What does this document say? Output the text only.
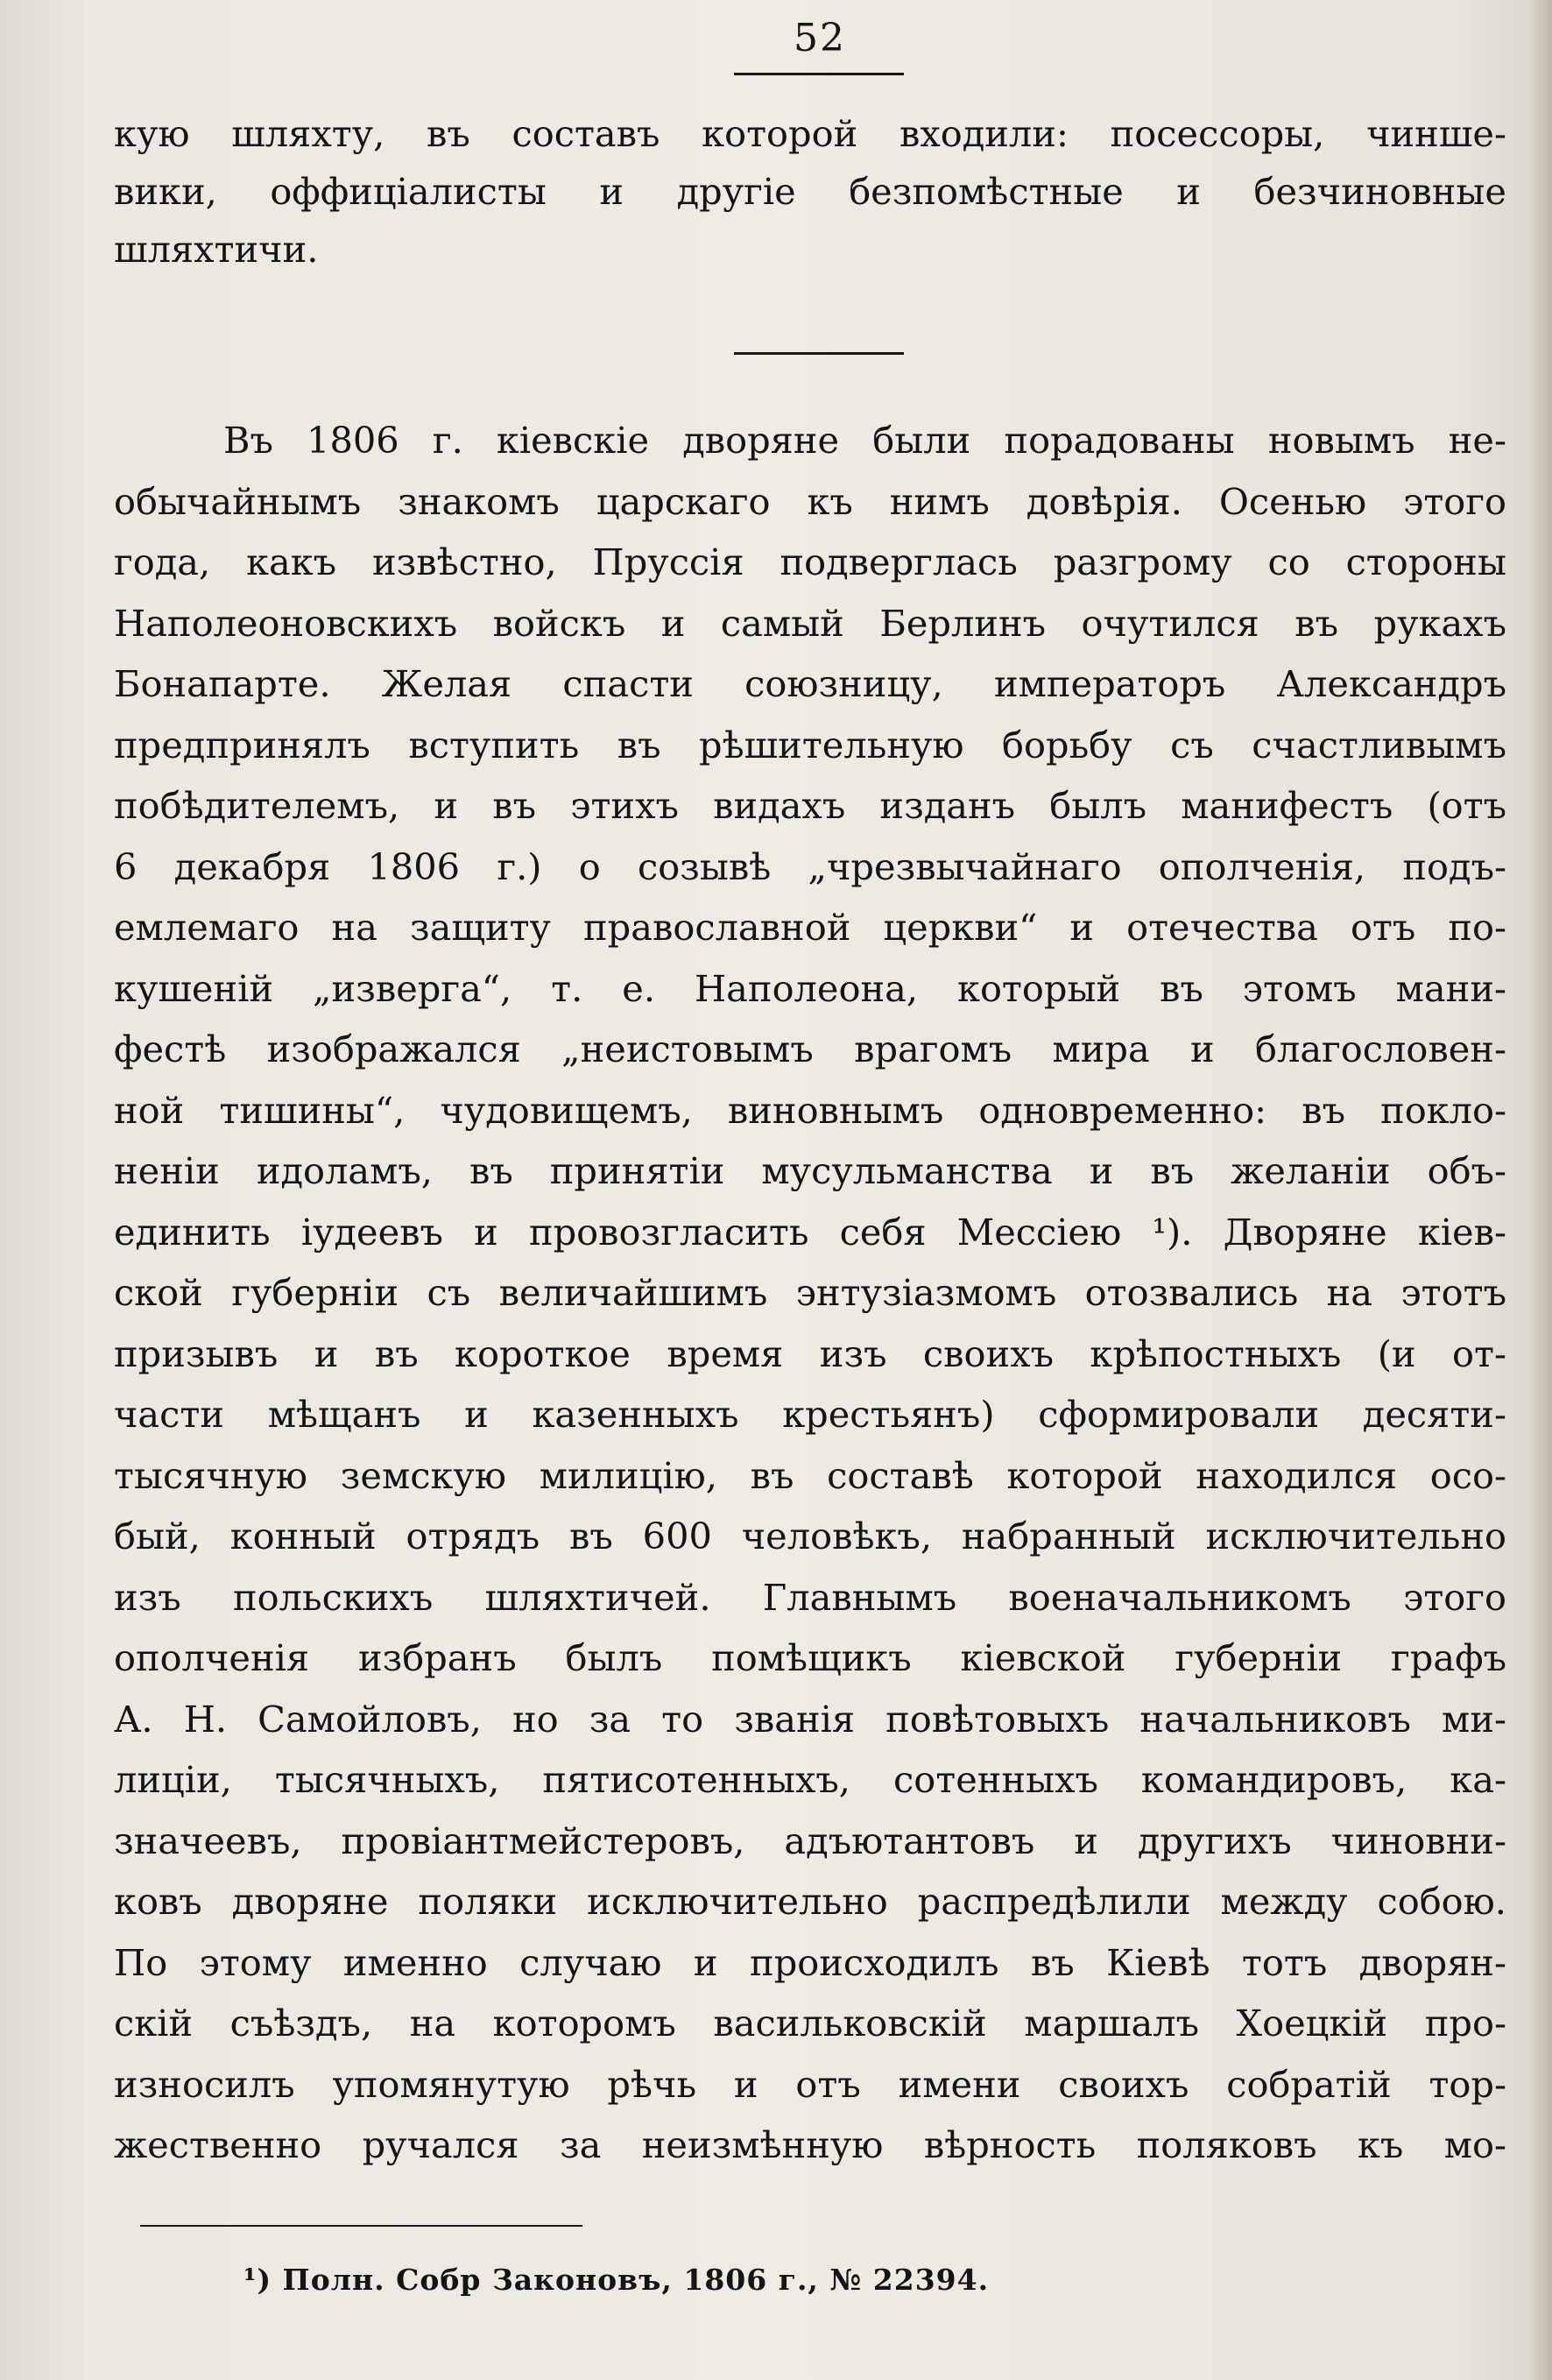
52
кую шляхту, въ составъ которой входили: посессоры, чинше-
вики, оффиціалисты и другіе безпомѣстные и безчиновные
шляхтичи.
Въ 1806 г. кіевскіе дворяне были порадованы новымъ не-
обычайнымъ знакомъ царскаго къ нимъ довѣрія. Осенью этого
года, какъ извѣстно, Пруссія подверглась разгрому со стороны
Наполеоновскихъ войскъ и самый Берлинъ очутился въ рукахъ
Бонапарте. Желая спасти союзницу, императоръ Александръ
предпринялъ вступить въ рѣшительную борьбу съ счастливымъ
побѣдителемъ, и въ этихъ видахъ изданъ былъ манифестъ (отъ
6 декабря 1806 г.) о созывѣ „чрезвычайнаго ополченія, подъ-
емлемаго на защиту православной церкви“ и отечества отъ по-
кушеній „изверга“, т. е. Наполеона, который въ этомъ мани-
фестѣ изображался „неистовымъ врагомъ мира и благословен-
ной тишины“, чудовищемъ, виновнымъ одновременно: въ покло-
неніи идоламъ, въ принятіи мусульманства и въ желаніи объ-
единить іудеевъ и провозгласить себя Мессіею ¹). Дворяне кіев-
ской губерніи съ величайшимъ энтузіазмомъ отозвались на этотъ
призывъ и въ короткое время изъ своихъ крѣпостныхъ (и от-
части мѣщанъ и казенныхъ крестьянъ) сформировали десяти-
тысячную земскую милицію, въ составѣ которой находился осо-
бый, конный отрядъ въ 600 человѣкъ, набранный исключительно
изъ польскихъ шляхтичей. Главнымъ военачальникомъ этого
ополченія избранъ былъ помѣщикъ кіевской губерніи графъ
А. Н. Самойловъ, но за то званія повѣтовыхъ начальниковъ ми-
лиціи, тысячныхъ, пятисотенныхъ, сотенныхъ командировъ, ка-
значеевъ, провіантмейстеровъ, адъютантовъ и другихъ чиновни-
ковъ дворяне поляки исключительно распредѣлили между собою.
По этому именно случаю и происходилъ въ Кіевѣ тотъ дворян-
скій съѣздъ, на которомъ васильковскій маршалъ Хоецкій про-
износилъ упомянутую рѣчь и отъ имени своихъ собратій тор-
жественно ручался за неизмѣнную вѣрность поляковъ къ мо-
¹) Полн. Собр Законовъ, 1806 г., № 22394.
